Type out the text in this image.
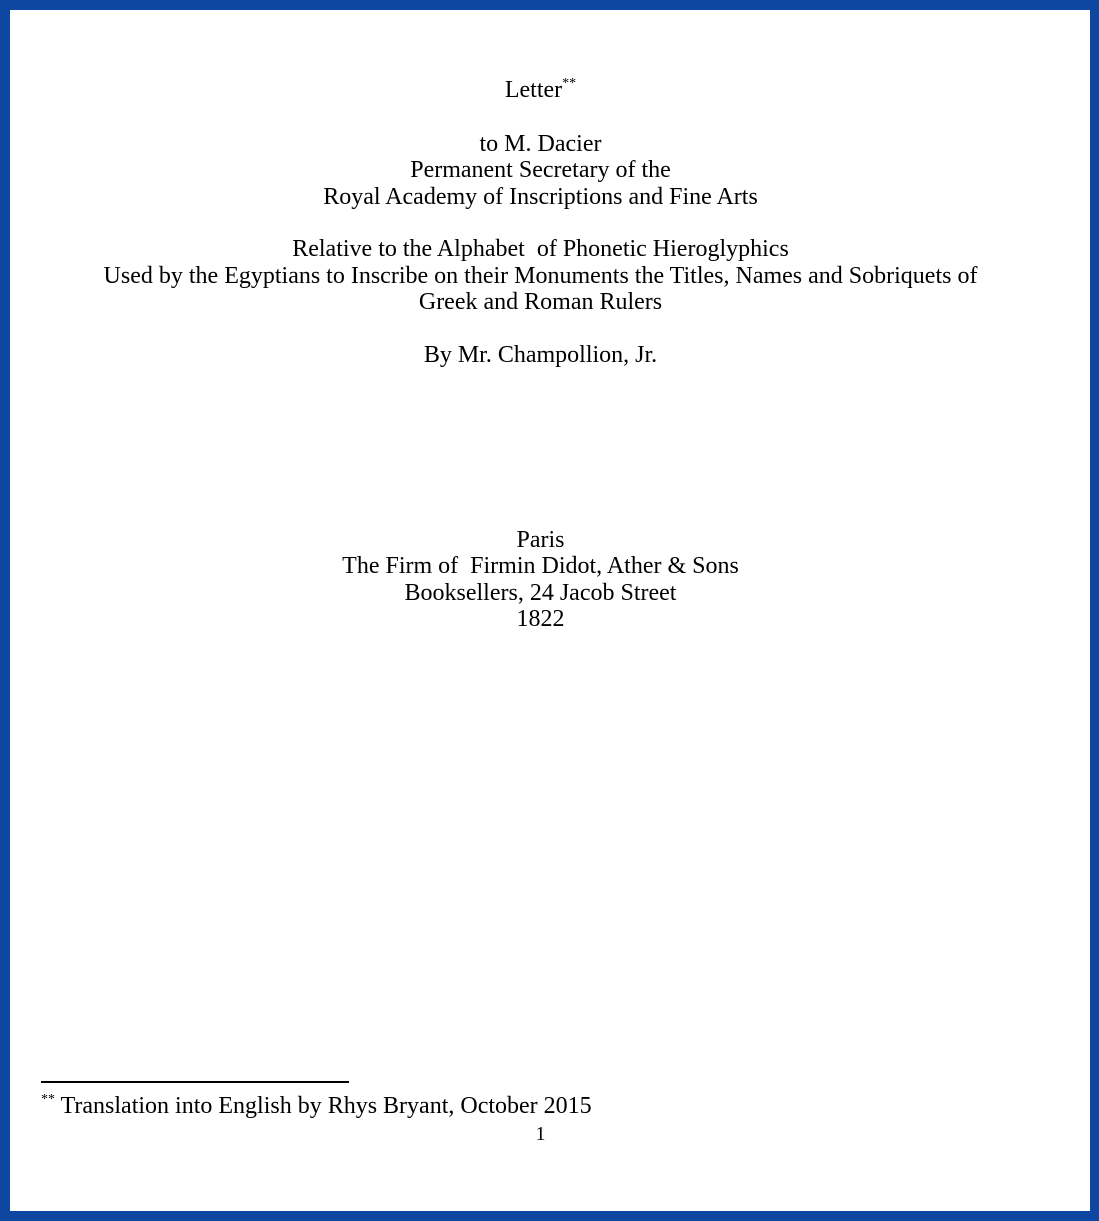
Letter**
to M. Dacier
Permanent Secretary of the
Royal Academy of Inscriptions and Fine Arts
Relative to the Alphabet  of Phonetic Hieroglyphics
Used by the Egyptians to Inscribe on their Monuments the Titles, Names and Sobriquets of
Greek and Roman Rulers
By Mr. Champollion, Jr.
Paris
The Firm of  Firmin Didot, Ather & Sons
Booksellers, 24 Jacob Street
1822
** Translation into English by Rhys Bryant, October 2015
1
